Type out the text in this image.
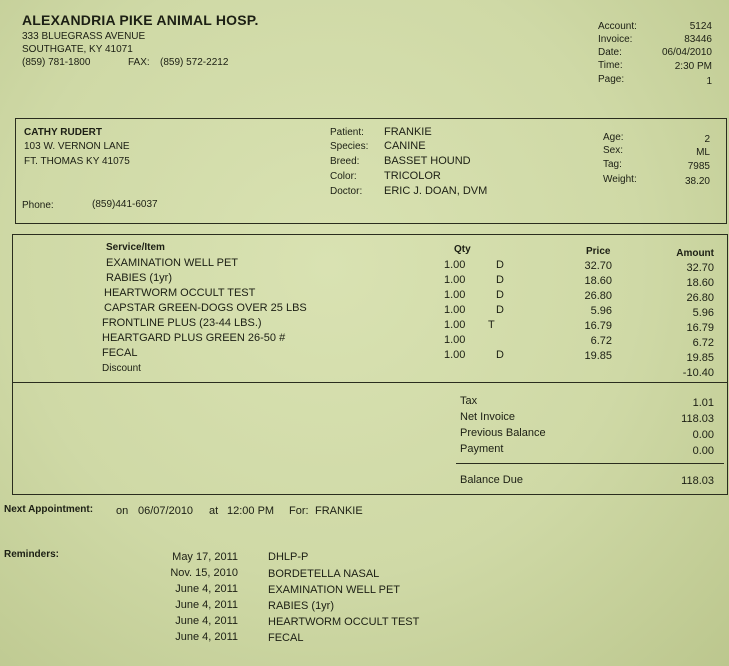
ALEXANDRIA PIKE ANIMAL HOSP.
333 BLUEGRASS AVENUE
SOUTHGATE, KY 41071
(859) 781-1800	FAX: (859) 572-2212
Account:	5124
Invoice:	83446
Date:	06/04/2010
Time:	2:30 PM
Page:	1
CATHY RUDERT
103 W. VERNON LANE
FT. THOMAS KY 41075
Phone:	(859)441-6037
Patient: FRANKIE
Species: CANINE
Breed: BASSET HOUND
Color: TRICOLOR
Doctor: ERIC J. DOAN, DVM
Age:	2
Sex:	ML
Tag:	7985
Weight:	38.20
Service/Item	Qty	Price	Amount
EXAMINATION WELL PET	1.00	D	32.70	32.70
RABIES (1yr)	1.00	D	18.60	18.60
HEARTWORM OCCULT TEST	1.00	D	26.80	26.80
CAPSTAR GREEN-DOGS OVER 25 LBS	1.00	D	5.96	5.96
FRONTLINE PLUS (23-44 LBS.)	1.00 T	16.79	16.79
HEARTGARD PLUS GREEN 26-50 #	1.00	6.72	6.72
FECAL	1.00	D	19.85	19.85
Discount	-10.40
Tax	1.01
Net Invoice	118.03
Previous Balance	0.00
Payment	0.00
Balance Due	118.03
Next Appointment: on 06/07/2010 at 12:00 PM For: FRANKIE
Reminders:	May 17, 2011	DHLP-P
Nov. 15, 2010	BORDETELLA NASAL
June 4, 2011	EXAMINATION WELL PET
June 4, 2011	RABIES (1yr)
June 4, 2011	HEARTWORM OCCULT TEST
June 4, 2011	FECAL
